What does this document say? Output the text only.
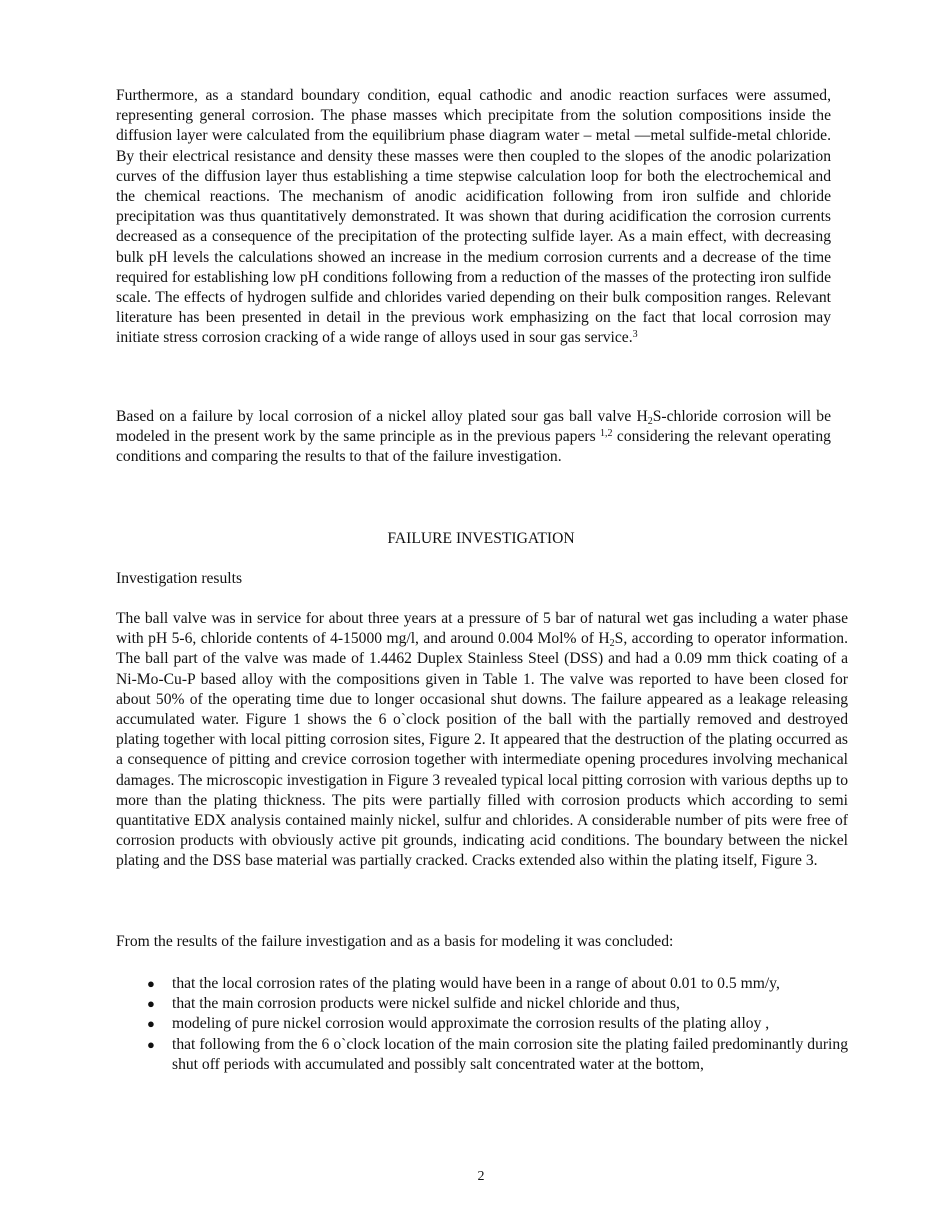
Furthermore, as a standard boundary condition, equal cathodic and anodic reaction surfaces were assumed, representing general corrosion. The phase masses which precipitate from the solution compositions inside the diffusion layer were calculated from the equilibrium phase diagram water – metal —metal sulfide-metal chloride. By their electrical resistance and density these masses were then coupled to the slopes of the anodic polarization curves of the diffusion layer thus establishing a time stepwise calculation loop for both the electrochemical and the chemical reactions. The mechanism of anodic acidification following from iron sulfide and chloride precipitation was thus quantitatively demonstrated. It was shown that during acidification the corrosion currents decreased as a consequence of the precipitation of the protecting sulfide layer. As a main effect, with decreasing bulk pH levels the calculations showed an increase in the medium corrosion currents and a decrease of the time required for establishing low pH conditions following from a reduction of the masses of the protecting iron sulfide scale. The effects of hydrogen sulfide and chlorides varied depending on their bulk composition ranges. Relevant literature has been presented in detail in the previous work emphasizing on the fact that local corrosion may initiate stress corrosion cracking of a wide range of alloys used in sour gas service.$^3$

Based on a failure by local corrosion of a nickel alloy plated sour gas ball valve $H_2S$-chloride corrosion will be modeled in the present work by the same principle as in the previous papers $^{1,2}$ considering the relevant operating conditions and comparing the results to that of the failure investigation.

FAILURE INVESTIGATION

Investigation results

The ball valve was in service for about three years at a pressure of 5 bar of natural wet gas including a water phase with pH 5-6, chloride contents of 4-15000 mg/l, and around 0.004 Mol% of $H_2S$, according to operator information. The ball part of the valve was made of 1.4462 Duplex Stainless Steel (DSS) and had a 0.09 mm thick coating of a Ni-Mo-Cu-P based alloy with the compositions given in Table 1. The valve was reported to have been closed for about 50% of the operating time due to longer occasional shut downs. The failure appeared as a leakage releasing accumulated water. Figure 1 shows the 6 o`clock position of the ball with the partially removed and destroyed plating together with local pitting corrosion sites, Figure 2. It appeared that the destruction of the plating occurred as a consequence of pitting and crevice corrosion together with intermediate opening procedures involving mechanical damages. The microscopic investigation in Figure 3 revealed typical local pitting corrosion with various depths up to more than the plating thickness. The pits were partially filled with corrosion products which according to semi quantitative EDX analysis contained mainly nickel, sulfur and chlorides. A considerable number of pits were free of corrosion products with obviously active pit grounds, indicating acid conditions. The boundary between the nickel plating and the DSS base material was partially cracked. Cracks extended also within the plating itself, Figure 3.

From the results of the failure investigation and as a basis for modeling it was concluded:

● that the local corrosion rates of the plating would have been in a range of about 0.01 to 0.5 mm/y,
● that the main corrosion products were nickel sulfide and nickel chloride and thus,
● modeling of pure nickel corrosion would approximate the corrosion results of the plating alloy ,
● that following from the 6 o`clock location of the main corrosion site the plating failed predominantly during shut off periods with accumulated and possibly salt concentrated water at the bottom,
2
